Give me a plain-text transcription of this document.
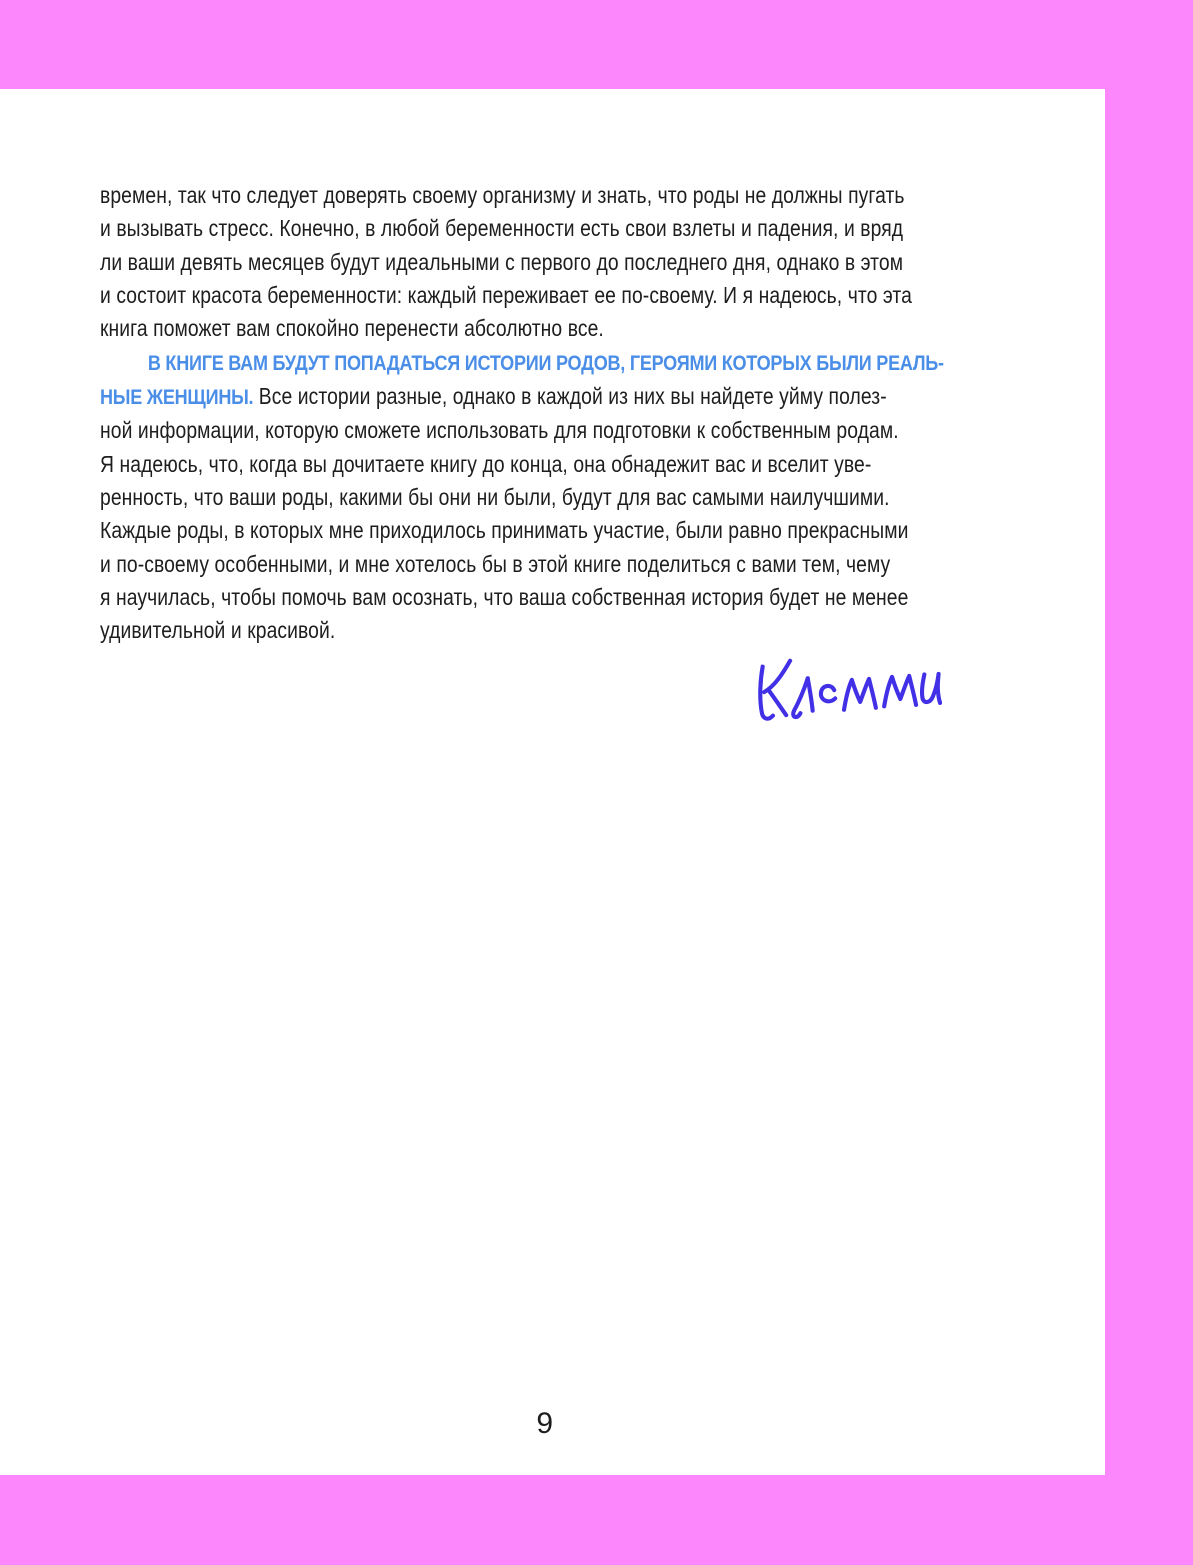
времен, так что следует доверять своему организму и знать, что роды не должны пугать
и вызывать стресс. Конечно, в любой беременности есть свои взлеты и падения, и вряд
ли ваши девять месяцев будут идеальными с первого до последнего дня, однако в этом
и состоит красота беременности: каждый переживает ее по-своему. И я надеюсь, что эта
книга поможет вам спокойно перенести абсолютно все.
В КНИГЕ ВАМ БУДУТ ПОПАДАТЬСЯ ИСТОРИИ РОДОВ, ГЕРОЯМИ КОТОРЫХ БЫЛИ РЕАЛЬ-
НЫЕ ЖЕНЩИНЫ. Все истории разные, однако в каждой из них вы найдете уйму полез-
ной информации, которую сможете использовать для подготовки к собственным родам.
Я надеюсь, что, когда вы дочитаете книгу до конца, она обнадежит вас и вселит уве-
ренность, что ваши роды, какими бы они ни были, будут для вас самыми наилучшими.
Каждые роды, в которых мне приходилось принимать участие, были равно прекрасными
и по-своему особенными, и мне хотелось бы в этой книге поделиться с вами тем, чему
я научилась, чтобы помочь вам осознать, что ваша собственная история будет не менее
удивительной и красивой.
9
